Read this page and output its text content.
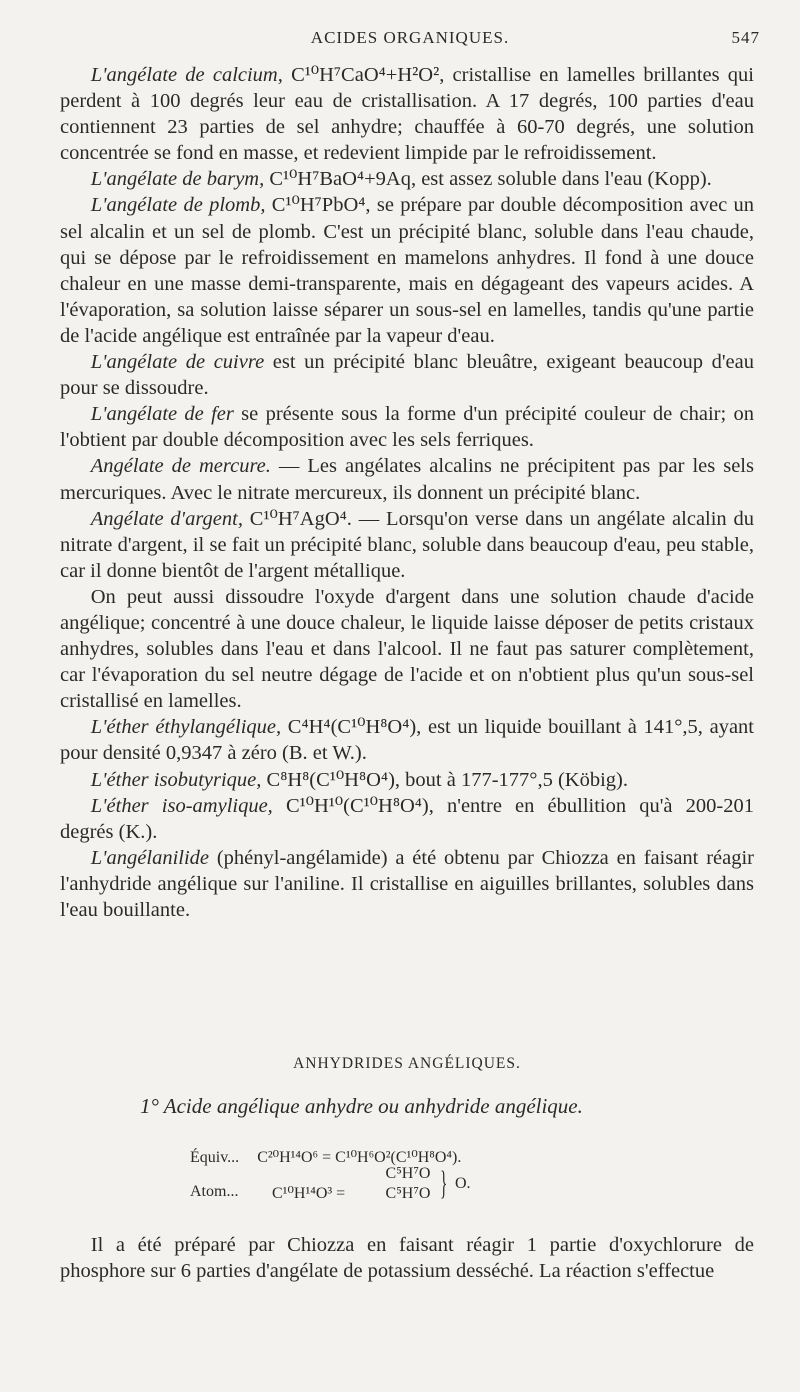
ACIDES ORGANIQUES.	547

L'angélate de calcium, C¹⁰H⁷CaO⁴+H²O², cristallise en lamelles brillantes qui perdent à 100 degrés leur eau de cristallisation. A 17 degrés, 100 parties d'eau contiennent 23 parties de sel anhydre; chauffée à 60-70 degrés, une solution concentrée se fond en masse, et redevient limpide par le refroidissement.

L'angélate de barym, C¹⁰H⁷BaO⁴+9Aq, est assez soluble dans l'eau (Kopp).

L'angélate de plomb, C¹⁰H⁷PbO⁴, se prépare par double décomposition avec un sel alcalin et un sel de plomb. C'est un précipité blanc, soluble dans l'eau chaude, qui se dépose par le refroidissement en mamelons anhydres. Il fond à une douce chaleur en une masse demi-transparente, mais en dégageant des vapeurs acides. A l'évaporation, sa solution laisse séparer un sous-sel en lamelles, tandis qu'une partie de l'acide angélique est entraînée par la vapeur d'eau.

L'angélate de cuivre est un précipité blanc bleuâtre, exigeant beaucoup d'eau pour se dissoudre.

L'angélate de fer se présente sous la forme d'un précipité couleur de chair; on l'obtient par double décomposition avec les sels ferriques.

Angélate de mercure. — Les angélates alcalins ne précipitent pas par les sels mercuriques. Avec le nitrate mercureux, ils donnent un précipité blanc.

Angélate d'argent, C¹⁰H⁷AgO⁴. — Lorsqu'on verse dans un angélate alcalin du nitrate d'argent, il se fait un précipité blanc, soluble dans beaucoup d'eau, peu stable, car il donne bientôt de l'argent métallique.

On peut aussi dissoudre l'oxyde d'argent dans une solution chaude d'acide angélique; concentré à une douce chaleur, le liquide laisse déposer de petits cristaux anhydres, solubles dans l'eau et dans l'alcool. Il ne faut pas saturer complètement, car l'évaporation du sel neutre dégage de l'acide et on n'obtient plus qu'un sous-sel cristallisé en lamelles.

L'éther éthylangélique, C⁴H⁴(C¹⁰H⁸O⁴), est un liquide bouillant à 141°,5, ayant pour densité 0,9347 à zéro (B. et W.).

L'éther isobutyrique, C⁸H⁸(C¹⁰H⁸O⁴), bout à 177-177°,5 (Köbig).

L'éther iso-amylique, C¹⁰H¹⁰(C¹⁰H⁸O⁴), n'entre en ébullition qu'à 200-201 degrés (K.).

L'angélanilide (phényl-angélamide) a été obtenu par Chiozza en faisant réagir l'anhydride angélique sur l'aniline. Il cristallise en aiguilles brillantes, solubles dans l'eau bouillante.

ANHYDRIDES ANGÉLIQUES.
1° Acide angélique anhydre ou anhydride angélique.
Équiv... C²⁰H¹⁴O⁶ = C¹⁰H⁶O²(C¹⁰H⁸O⁴).
Atom... C¹⁰H¹⁴O³ =
C⁵H⁷O
C⁵H⁷O } O.

Il a été préparé par Chiozza en faisant réagir 1 partie d'oxychlorure de phosphore sur 6 parties d'angélate de potassium desséché. La réaction s'effectue
